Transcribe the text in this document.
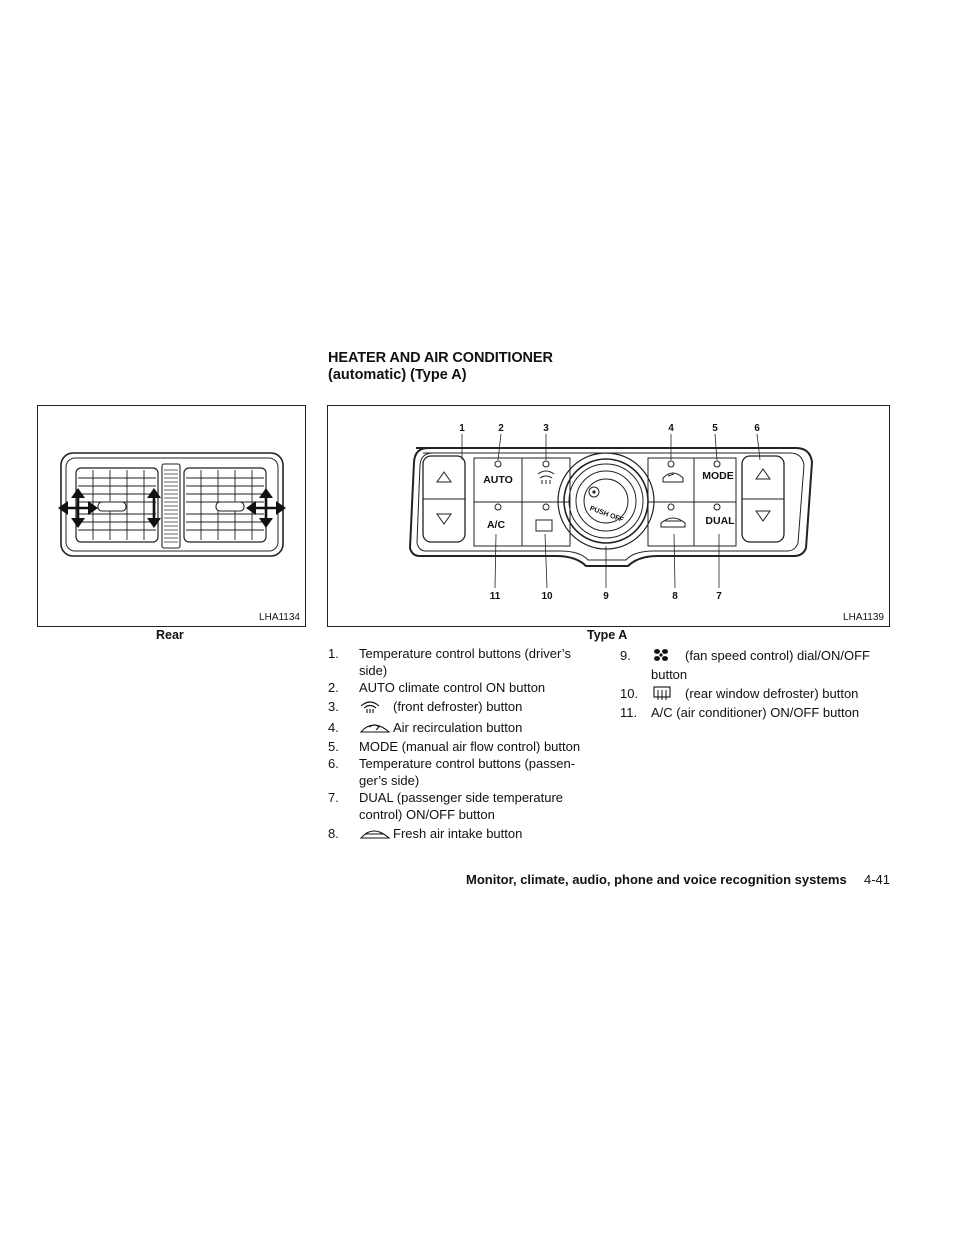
HEATER AND AIR CONDITIONER
(automatic) (Type A)
LHA1134
Rear
1	2	3	4	5	6
11	10	9	8	7
AUTO
A/C
MODE
DUAL
PUSH OFF
LHA1139
Type A
1. Temperature control buttons (driver’s side)
2. AUTO climate control ON button
3.	(front defroster) button
4.	Air recirculation button
5. MODE (manual air flow control) button
6. Temperature control buttons (passen-ger’s side)
7. DUAL (passenger side temperature control) ON/OFF button
8.	Fresh air intake button
9.	(fan speed control) dial/ON/OFF button
10.	(rear window defroster) button
11. A/C (air conditioner) ON/OFF button
Monitor, climate, audio, phone and voice recognition systems 4-41
